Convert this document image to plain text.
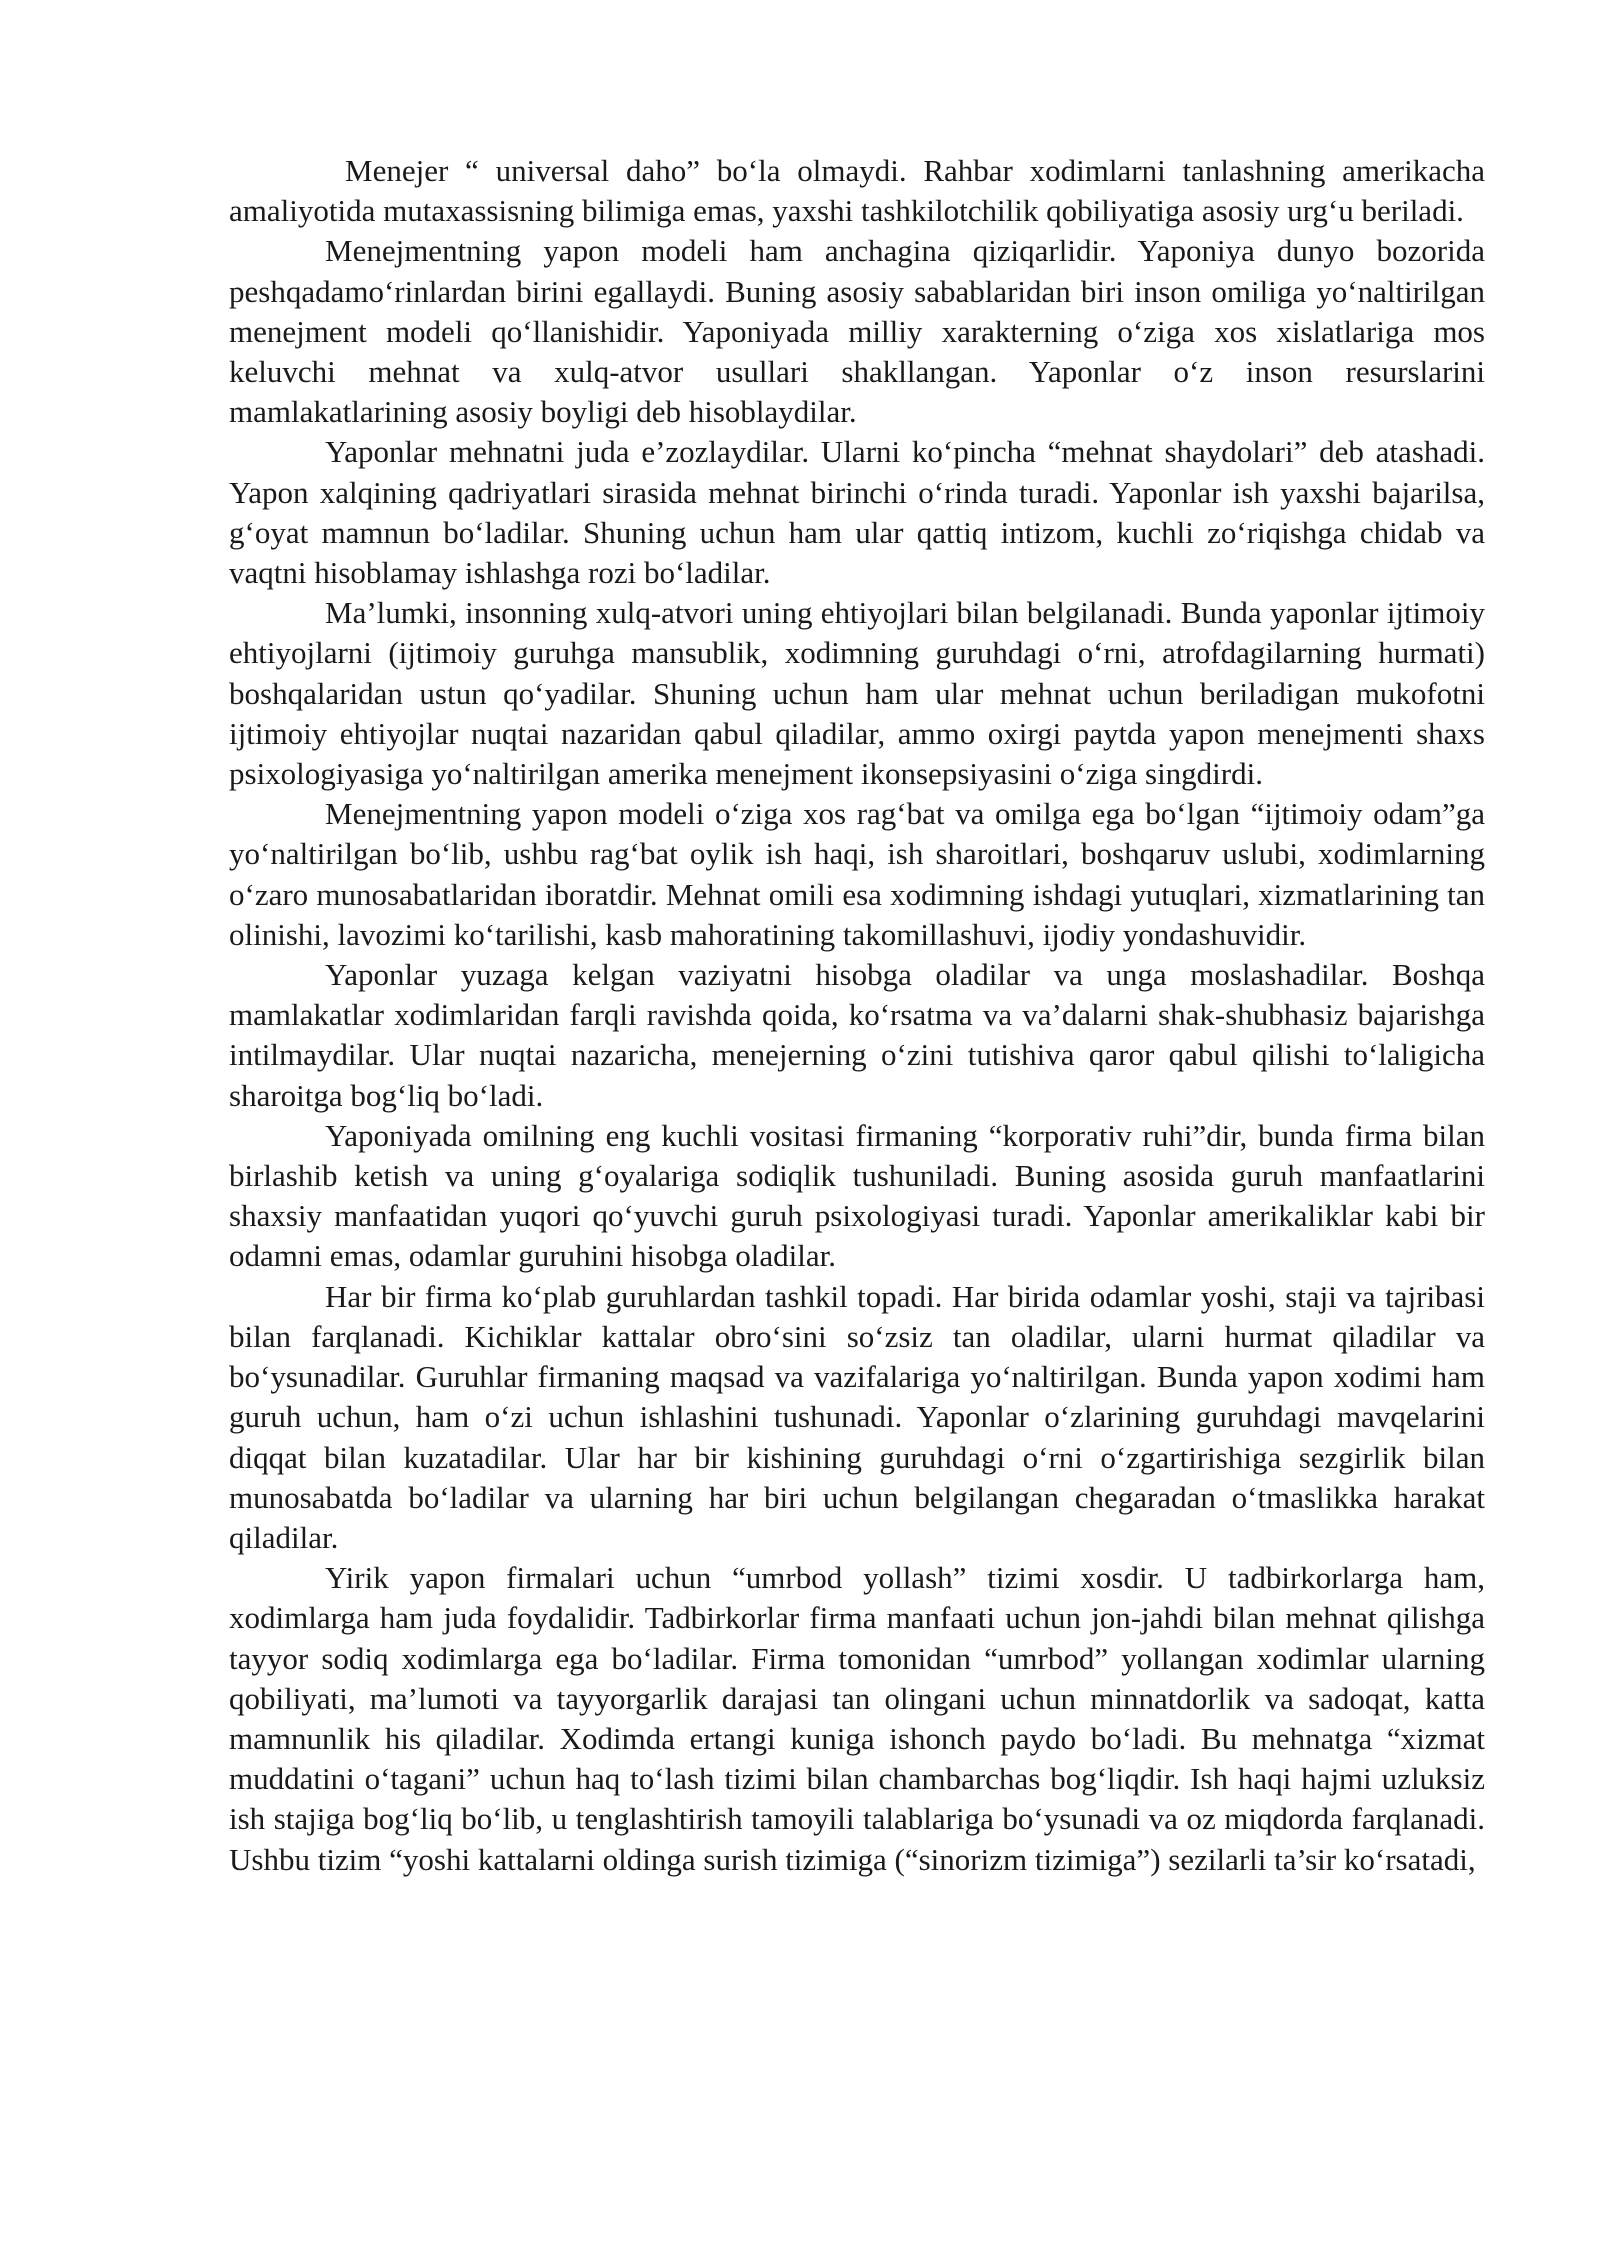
Menejer “ universal daho” bo‘la olmaydi. Rahbar xodimlarni tanlashning amerikacha amaliyotida mutaxassisning bilimiga emas, yaxshi tashkilotchilik qobiliyatiga asosiy urg‘u beriladi.

Menejmentning yapon modeli ham anchagina qiziqarlidir. Yaponiya dunyo bozorida peshqadamo‘rinlardan birini egallaydi. Buning asosiy sabablaridan biri inson omiliga yo‘naltirilgan menejment modeli qo‘llanishidir. Yaponiyada milliy xarakterning o‘ziga xos xislatlariga mos keluvchi mehnat va xulq-atvor usullari shakllangan. Yaponlar o‘z inson resurslarini mamlakatlarining asosiy boyligi deb hisoblaydilar.

Yaponlar mehnatni juda e’zozlaydilar. Ularni ko‘pincha “mehnat shaydolari” deb atashadi. Yapon xalqining qadriyatlari sirasida mehnat birinchi o‘rinda turadi. Yaponlar ish yaxshi bajarilsa, g‘oyat mamnun bo‘ladilar. Shuning uchun ham ular qattiq intizom, kuchli zo‘riqishga chidab va vaqtni hisoblamay ishlashga rozi bo‘ladilar.

Ma’lumki, insonning xulq-atvori uning ehtiyojlari bilan belgilanadi. Bunda yaponlar ijtimoiy ehtiyojlarni (ijtimoiy guruhga mansublik, xodimning guruhdagi o‘rni, atrofdagilarning hurmati) boshqalaridan ustun qo‘yadilar. Shuning uchun ham ular mehnat uchun beriladigan mukofotni ijtimoiy ehtiyojlar nuqtai nazaridan qabul qiladilar, ammo oxirgi paytda yapon menejmenti shaxs psixologiyasiga yo‘naltirilgan amerika menejment ikonsepsiyasini o‘ziga singdirdi.

Menejmentning yapon modeli o‘ziga xos rag‘bat va omilga ega bo‘lgan “ijtimoiy odam”ga yo‘naltirilgan bo‘lib, ushbu rag‘bat oylik ish haqi, ish sharoitlari, boshqaruv uslubi, xodimlarning o‘zaro munosabatlaridan iboratdir. Mehnat omili esa xodimning ishdagi yutuqlari, xizmatlarining tan olinishi, lavozimi ko‘tarilishi, kasb mahoratining takomillashuvi, ijodiy yondashuvidir.

Yaponlar yuzaga kelgan vaziyatni hisobga oladilar va unga moslashadilar. Boshqa mamlakatlar xodimlaridan farqli ravishda qoida, ko‘rsatma va va’dalarni shak-shubhasiz bajarishga intilmaydilar. Ular nuqtai nazaricha, menejerning o‘zini tutishiva qaror qabul qilishi to‘laligicha sharoitga bog‘liq bo‘ladi.

Yaponiyada omilning eng kuchli vositasi firmaning “korporativ ruhi”dir, bunda firma bilan birlashib ketish va uning g‘oyalariga sodiqlik tushuniladi. Buning asosida guruh manfaatlarini shaxsiy manfaatidan yuqori qo‘yuvchi guruh psixologiyasi turadi. Yaponlar amerikaliklar kabi bir odamni emas, odamlar guruhini hisobga oladilar.

Har bir firma ko‘plab guruhlardan tashkil topadi. Har birida odamlar yoshi, staji va tajribasi bilan farqlanadi. Kichiklar kattalar obro‘sini so‘zsiz tan oladilar, ularni hurmat qiladilar va bo‘ysunadilar. Guruhlar firmaning maqsad va vazifalariga yo‘naltirilgan. Bunda yapon xodimi ham guruh uchun, ham o‘zi uchun ishlashini tushunadi. Yaponlar o‘zlarining guruhdagi mavqelarini diqqat bilan kuzatadilar. Ular har bir kishining guruhdagi o‘rni o‘zgartirishiga sezgirlik bilan munosabatda bo‘ladilar va ularning har biri uchun belgilangan chegaradan o‘tmaslikka harakat qiladilar.

Yirik yapon firmalari uchun “umrbod yollash” tizimi xosdir. U tadbirkorlarga ham, xodimlarga ham juda foydalidir. Tadbirkorlar firma manfaati uchun jon-jahdi bilan mehnat qilishga tayyor sodiq xodimlarga ega bo‘ladilar. Firma tomonidan “umrbod” yollangan xodimlar ularning qobiliyati, ma’lumoti va tayyorgarlik darajasi tan olingani uchun minnatdorlik va sadoqat, katta mamnunlik his qiladilar. Xodimda ertangi kuniga ishonch paydo bo‘ladi. Bu mehnatga “xizmat muddatini o‘tagani” uchun haq to‘lash tizimi bilan chambarchas bog‘liqdir. Ish haqi hajmi uzluksiz ish stajiga bog‘liq bo‘lib, u tenglashtirish tamoyili talablariga bo‘ysunadi va oz miqdorda farqlanadi. Ushbu tizim “yoshi kattalarni oldinga surish tizimiga (“sinorizm tizimiga”) sezilarli ta’sir ko‘rsatadi,
